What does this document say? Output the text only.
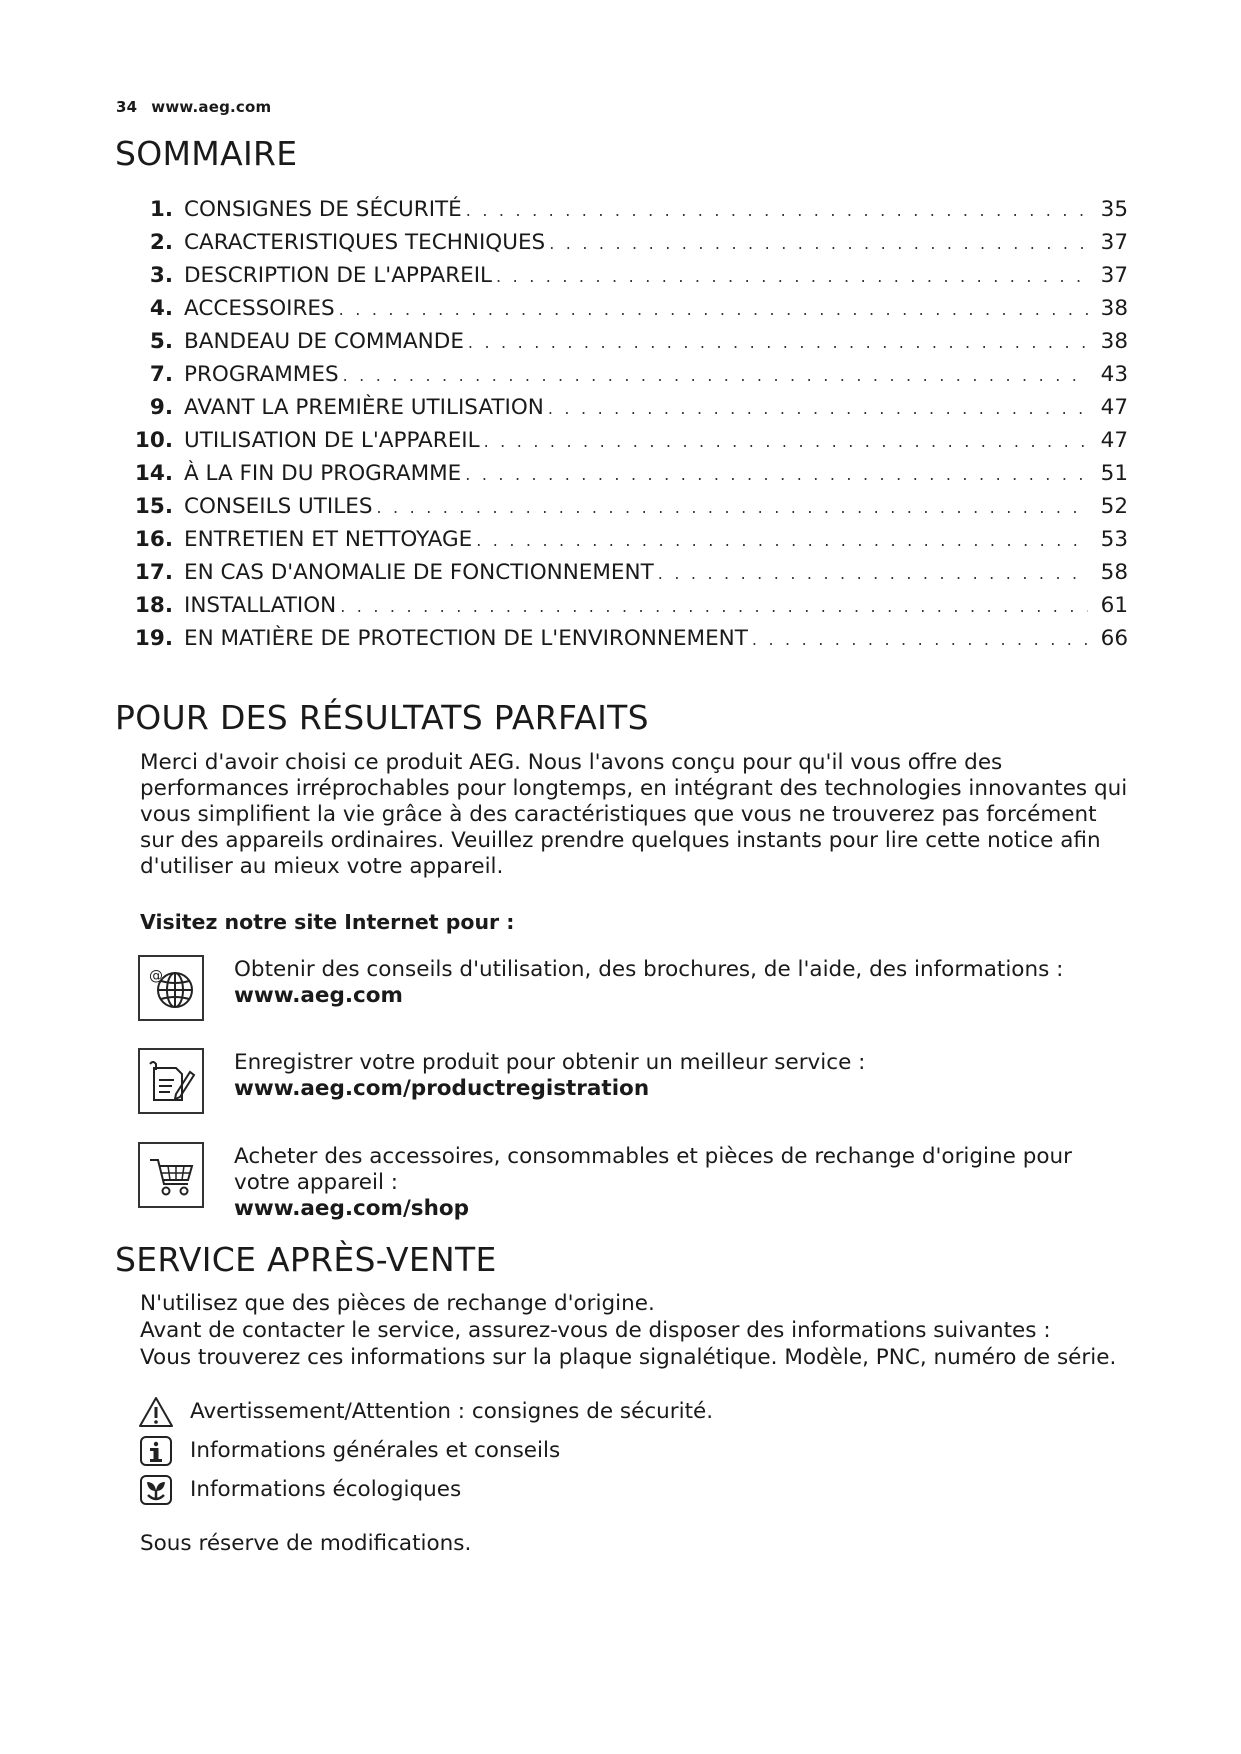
34 www.aeg.com
SOMMAIRE
1. CONSIGNES DE SÉCURITÉ . . .	35
2. CARACTERISTIQUES TECHNIQUES . . .	37
3. DESCRIPTION DE L'APPAREIL . . .	37
4. ACCESSOIRES . . .	38
5. BANDEAU DE COMMANDE . . .	38
7. PROGRAMMES . . .	43
9. AVANT LA PREMIÈRE UTILISATION . . .	47
10. UTILISATION DE L'APPAREIL . . .	47
14. À LA FIN DU PROGRAMME . . .	51
15. CONSEILS UTILES . . .	52
16. ENTRETIEN ET NETTOYAGE . . .	53
17. EN CAS D'ANOMALIE DE FONCTIONNEMENT . . .	58
18. INSTALLATION . . .	61
19. EN MATIÈRE DE PROTECTION DE L'ENVIRONNEMENT . . .	66
POUR DES RÉSULTATS PARFAITS

Merci d'avoir choisi ce produit AEG. Nous l'avons conçu pour qu'il vous offre des performances irréprochables pour longtemps, en intégrant des technologies innovantes qui vous simplifient la vie grâce à des caractéristiques que vous ne trouverez pas forcément sur des appareils ordinaires. Veuillez prendre quelques instants pour lire cette notice afin d'utiliser au mieux votre appareil.

Visitez notre site Internet pour :
@	Obtenir des conseils d'utilisation, des brochures, de l'aide, des informations :
www.aeg.com
Enregistrer votre produit pour obtenir un meilleur service :
www.aeg.com/productregistration
Acheter des accessoires, consommables et pièces de rechange d'origine pour votre appareil :
www.aeg.com/shop
SERVICE APRÈS-VENTE
N'utilisez que des pièces de rechange d'origine.
Avant de contacter le service, assurez-vous de disposer des informations suivantes :
Vous trouverez ces informations sur la plaque signalétique. Modèle, PNC, numéro de série.
Avertissement/Attention : consignes de sécurité.
Informations générales et conseils
Informations écologiques
Sous réserve de modifications.
